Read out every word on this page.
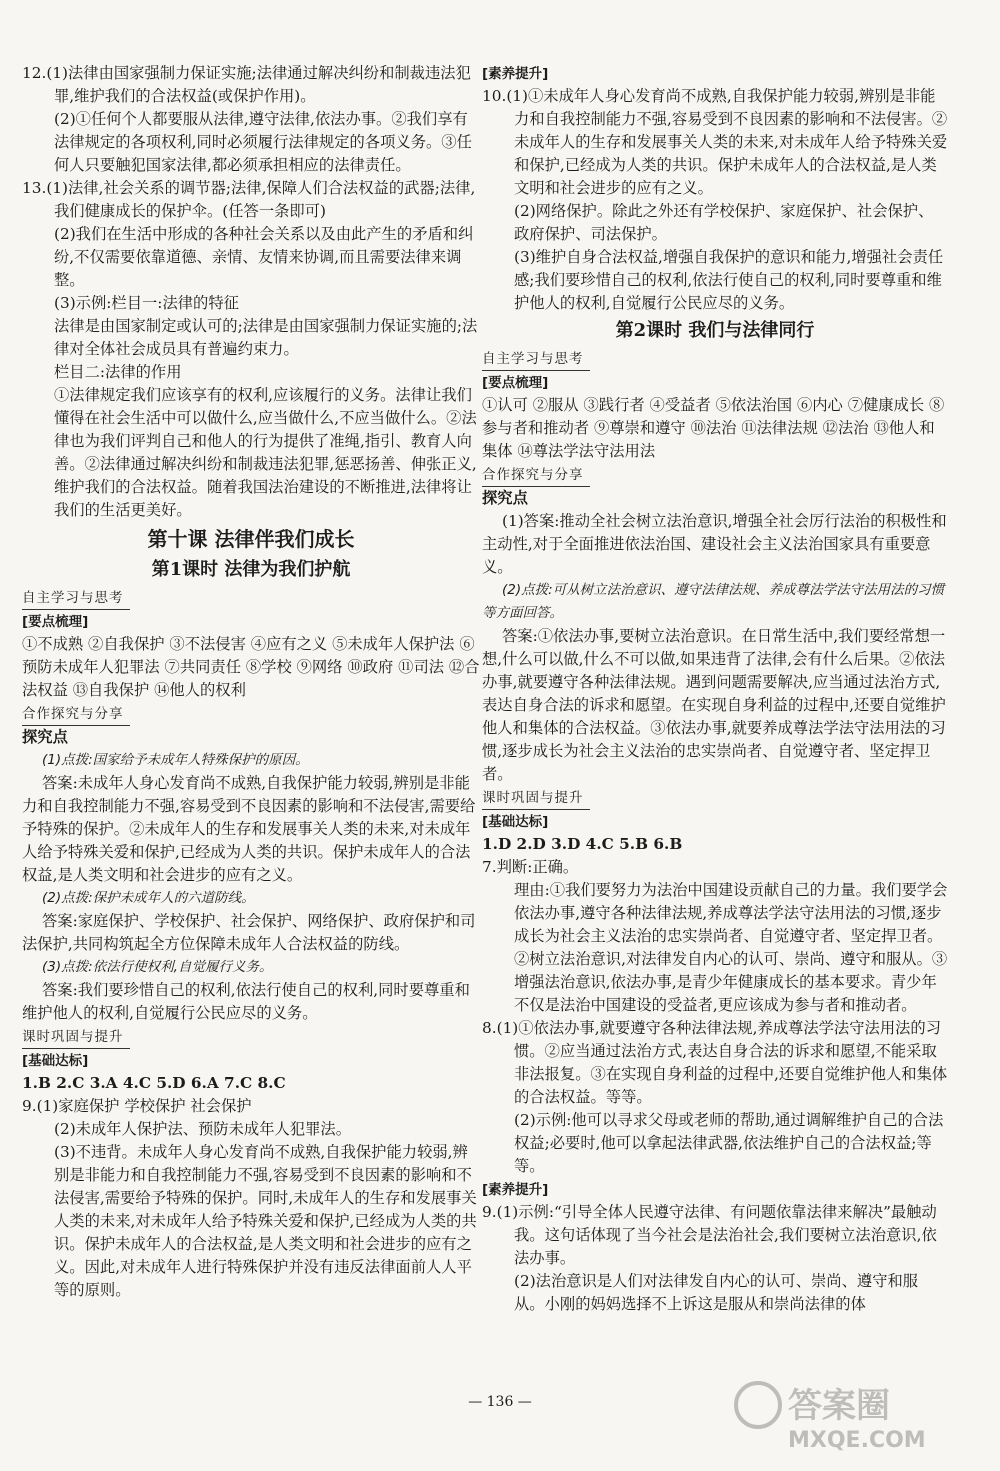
12.(1)法律由国家强制力保证实施;法律通过解决纠纷和制裁违法犯罪,维护我们的合法权益(或保护作用)。

(2)①任何个人都要服从法律,遵守法律,依法办事。②我们享有法律规定的各项权利,同时必须履行法律规定的各项义务。③任何人只要触犯国家法律,都必须承担相应的法律责任。

13.(1)法律,社会关系的调节器;法律,保障人们合法权益的武器;法律,我们健康成长的保护伞。(任答一条即可)

(2)我们在生活中形成的各种社会关系以及由此产生的矛盾和纠纷,不仅需要依靠道德、亲情、友情来协调,而且需要法律来调整。

(3)示例:栏目一:法律的特征

法律是由国家制定或认可的;法律是由国家强制力保证实施的;法律对全体社会成员具有普遍约束力。

栏目二:法律的作用

①法律规定我们应该享有的权利,应该履行的义务。法律让我们懂得在社会生活中可以做什么,应当做什么,不应当做什么。②法律也为我们评判自己和他人的行为提供了准绳,指引、教育人向善。②法律通过解决纠纷和制裁违法犯罪,惩恶扬善、伸张正义,维护我们的合法权益。随着我国法治建设的不断推进,法律将让我们的生活更美好。

第十课 法律伴我们成长

第1课时 法律为我们护航

自主学习与思考

[要点梳理]

①不成熟 ②自我保护 ③不法侵害 ④应有之义 ⑤未成年人保护法 ⑥预防未成年人犯罪法 ⑦共同责任 ⑧学校 ⑨网络 ⑩政府 ⑪司法 ⑫合法权益 ⑬自我保护 ⑭他人的权利

合作探究与分享

探究点

(1)点拨:国家给予未成年人特殊保护的原因。

答案:未成年人身心发育尚不成熟,自我保护能力较弱,辨别是非能力和自我控制能力不强,容易受到不良因素的影响和不法侵害,需要给予特殊的保护。②未成年人的生存和发展事关人类的未来,对未成年人给予特殊关爱和保护,已经成为人类的共识。保护未成年人的合法权益,是人类文明和社会进步的应有之义。

(2)点拨:保护未成年人的六道防线。

答案:家庭保护、学校保护、社会保护、网络保护、政府保护和司法保护,共同构筑起全方位保障未成年人合法权益的防线。

(3)点拨:依法行使权利,自觉履行义务。

答案:我们要珍惜自己的权利,依法行使自己的权利,同时要尊重和维护他人的权利,自觉履行公民应尽的义务。

课时巩固与提升

[基础达标]

1.B 2.C 3.A 4.C 5.D 6.A 7.C 8.C

9.(1)家庭保护 学校保护 社会保护

(2)未成年人保护法、预防未成年人犯罪法。

(3)不违背。未成年人身心发育尚不成熟,自我保护能力较弱,辨别是非能力和自我控制能力不强,容易受到不良因素的影响和不法侵害,需要给予特殊的保护。同时,未成年人的生存和发展事关人类的未来,对未成年人给予特殊关爱和保护,已经成为人类的共识。保护未成年人的合法权益,是人类文明和社会进步的应有之义。因此,对未成年人进行特殊保护并没有违反法律面前人人平等的原则。

[素养提升]

10.(1)①未成年人身心发育尚不成熟,自我保护能力较弱,辨别是非能力和自我控制能力不强,容易受到不良因素的影响和不法侵害。②未成年人的生存和发展事关人类的未来,对未成年人给予特殊关爱和保护,已经成为人类的共识。保护未成年人的合法权益,是人类文明和社会进步的应有之义。

(2)网络保护。除此之外还有学校保护、家庭保护、社会保护、政府保护、司法保护。

(3)维护自身合法权益,增强自我保护的意识和能力,增强社会责任感;我们要珍惜自己的权利,依法行使自己的权利,同时要尊重和维护他人的权利,自觉履行公民应尽的义务。

第2课时 我们与法律同行

自主学习与思考

[要点梳理]

①认可 ②服从 ③践行者 ④受益者 ⑤依法治国 ⑥内心 ⑦健康成长 ⑧参与者和推动者 ⑨尊崇和遵守 ⑩法治 ⑪法律法规 ⑫法治 ⑬他人和集体 ⑭尊法学法守法用法

合作探究与分享

探究点

(1)答案:推动全社会树立法治意识,增强全社会厉行法治的积极性和主动性,对于全面推进依法治国、建设社会主义法治国家具有重要意义。

(2)点拨:可从树立法治意识、遵守法律法规、养成尊法学法守法用法的习惯等方面回答。

答案:①依法办事,要树立法治意识。在日常生活中,我们要经常想一想,什么可以做,什么不可以做,如果违背了法律,会有什么后果。②依法办事,就要遵守各种法律法规。遇到问题需要解决,应当通过法治方式,表达自身合法的诉求和愿望。在实现自身利益的过程中,还要自觉维护他人和集体的合法权益。③依法办事,就要养成尊法学法守法用法的习惯,逐步成长为社会主义法治的忠实崇尚者、自觉遵守者、坚定捍卫者。

课时巩固与提升

[基础达标]

1.D 2.D 3.D 4.C 5.B 6.B

7.判断:正确。

理由:①我们要努力为法治中国建设贡献自己的力量。我们要学会依法办事,遵守各种法律法规,养成尊法学法守法用法的习惯,逐步成长为社会主义法治的忠实崇尚者、自觉遵守者、坚定捍卫者。②树立法治意识,对法律发自内心的认可、崇尚、遵守和服从。③增强法治意识,依法办事,是青少年健康成长的基本要求。青少年不仅是法治中国建设的受益者,更应该成为参与者和推动者。

8.(1)①依法办事,就要遵守各种法律法规,养成尊法学法守法用法的习惯。②应当通过法治方式,表达自身合法的诉求和愿望,不能采取非法报复。③在实现自身利益的过程中,还要自觉维护他人和集体的合法权益。等等。

(2)示例:他可以寻求父母或老师的帮助,通过调解维护自己的合法权益;必要时,他可以拿起法律武器,依法维护自己的合法权益;等等。

[素养提升]

9.(1)示例:“引导全体人民遵守法律、有问题依靠法律来解决”最触动我。这句话体现了当今社会是法治社会,我们要树立法治意识,依法办事。

(2)法治意识是人们对法律发自内心的认可、崇尚、遵守和服从。小刚的妈妈选择不上诉这是服从和崇尚法律的体

— 136 —	答案圈
MXQE.COM
